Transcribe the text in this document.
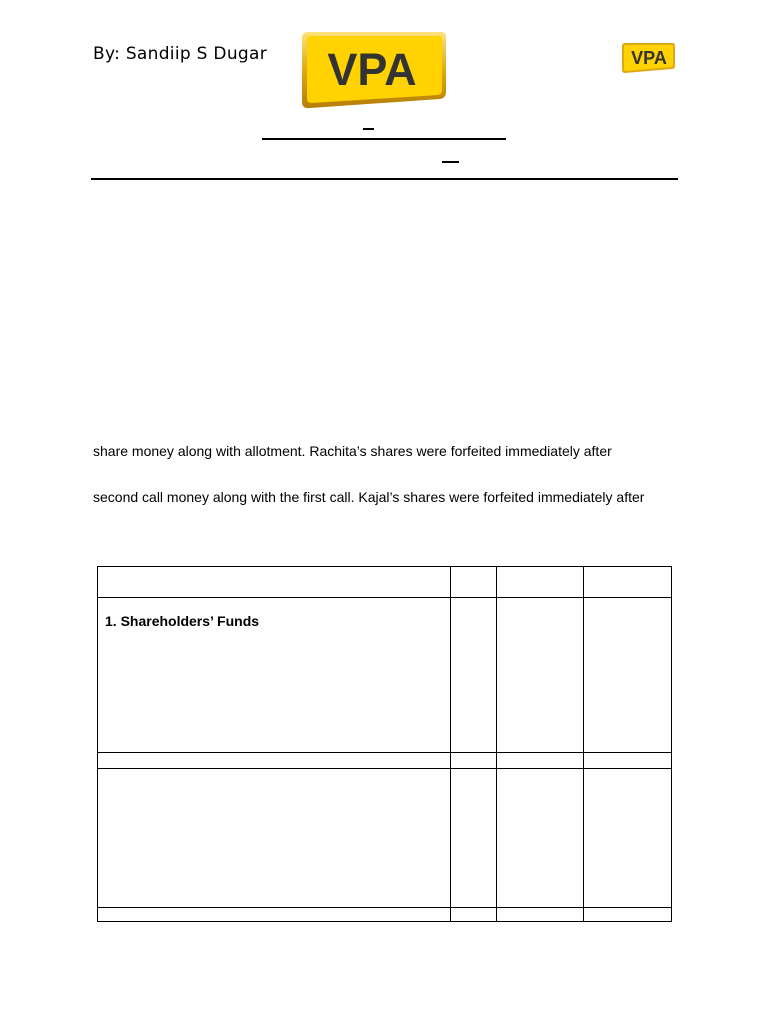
By: Sandiip S Dugar VPA	VPA
share money along with allotment. Rachita’s shares were forfeited immediately after
second call money along with the first call. Kajal’s shares were forfeited immediately after

1. Shareholders’ Funds			
